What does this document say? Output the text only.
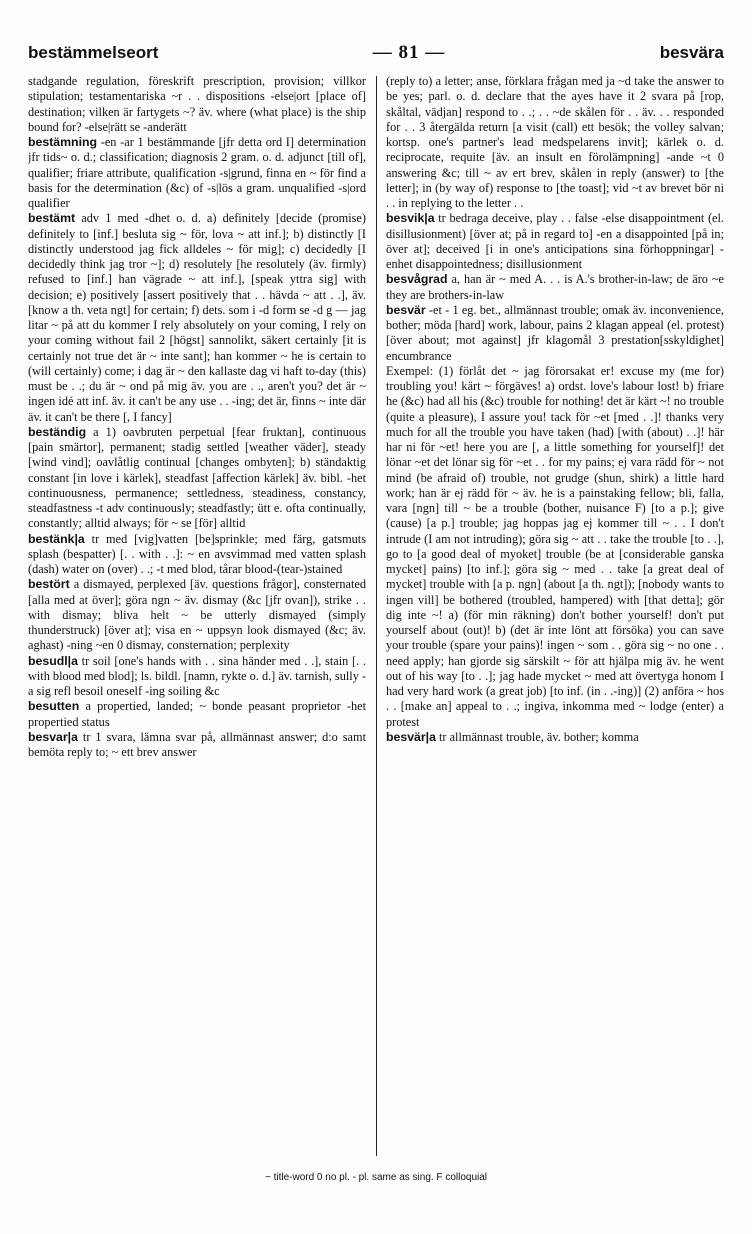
bestämmelseort	— 81 —	besvära

stadgande regulation, föreskrift prescription, provision; villkor stipulation; testamentariska ~r . . dispositions -else|ort [place of] destination; vilken är fartygets ~? äv. where (what place) is the ship bound for? -else|rätt se -anderätt

bestämning -en -ar 1 bestämmande [jfr detta ord I] determination jfr tids~ o. d.; classification; diagnosis 2 gram. o. d. adjunct [till of], qualifier; friare attribute, qualification -s|grund, finna en ~ för find a basis for the determination (&c) of -s|lös a gram. unqualified -s|ord qualifier

bestämt adv 1 med -dhet o. d. a) definitely [decide (promise) definitely to [inf.] besluta sig ~ för, lova ~ att inf.]; b) distinctly [I distinctly understood jag fick alldeles ~ för mig]; c) decidedly [I decidedly think jag tror ~]; d) resolutely [he resolutely (äv. firmly) refused to [inf.] han vägrade ~ att inf.], [speak yttra sig] with decision; e) positively [assert positively that . . hävda ~ att . .], äv. [know a th. veta ngt] for certain; f) dets. som i -d form se -d g — jag litar ~ på att du kommer I rely absolutely on your coming, I rely on your coming without fail 2 [högst] sannolikt, säkert certainly [it is certainly not true det är ~ inte sant]; han kommer ~ he is certain to (will certainly) come; i dag är ~ den kallaste dag vi haft to-day (this) must be . .; du är ~ ond på mig äv. you are . ., aren't you? det är ~ ingen idé att inf. äv. it can't be any use . . -ing; det är, finns ~ inte där äv. it can't be there [, I fancy]

beständig a 1) oavbruten perpetual [fear fruktan], continuous [pain smärtor], permanent; stadig settled [weather väder], steady [wind vind]; oavlåtlig continual [changes ombyten]; b) ständaktig constant [in love i kärlek], steadfast [affection kärlek] äv. bibl. -het continuousness, permanence; settledness, steadiness, constancy, steadfastness -t adv continuously; steadfastly; ütt e. ofta continually, constantly; alltid always; för ~ se [för] alltid

bestänk|a tr med [vig]vatten [be]sprinkle; med färg, gatsmuts splash (bespatter) [. . with . .]: ~ en avsvimmad med vatten splash (dash) water on (over) . .; -t med blod, tårar blood-(tear-)stained

bestört a dismayed, perplexed [äv. questions frågor], consternated [alla med at över]; göra ngn ~ äv. dismay (&c [jfr ovan]), strike . . with dismay; bliva helt ~ be utterly dismayed (simply thunderstruck) [över at]; visa en ~ uppsyn look dismayed (&c; äv. aghast) -ning ~en 0 dismay, consternation; perplexity

besudl|a tr soil [one's hands with . . sina händer med . .], stain [. . with blood med blod]; ls. bildl. [namn, rykte o. d.] äv. tarnish, sully -a sig refl besoil oneself -ing soiling &c

besutten a propertied, landed; ~ bonde peasant proprietor -het propertied status

besvar|a tr 1 svara, lämna svar på, allmännast answer; d:o samt bemöta reply to; ~ ett brev answer

(reply to) a letter; anse, förklara frågan med ja ~d take the answer to be yes; parl. o. d. declare that the ayes have it 2 svara på [rop, skåltal, vädjan] respond to . .; . . ~de skålen för . . äv. . . responded for . . 3 återgälda return [a visit (call) ett besök; the volley salvan; kortsp. one's partner's lead medspelarens invit]; kärlek o. d. reciprocate, requite [äv. an insult en förolämpning] -ande ~t 0 answering &c; till ~ av ert brev, skålen in reply (answer) to [the letter]; in (by way of) response to [the toast]; vid ~t av brevet bör ni . . in replying to the letter . .

besvik|a tr bedraga deceive, play . . false -else disappointment (el. disillusionment) [över at; på in regard to] -en a disappointed [på in; över at]; deceived [i in one's anticipations sina förhoppningar] -enhet disappointedness; disillusionment

besvågrad a, han är ~ med A. . . is A.'s brother-in-law; de äro ~e they are brothers-in-law

besvär -et - 1 eg. bet., allmännast trouble; omak äv. inconvenience, bother; möda [hard] work, labour, pains 2 klagan appeal (el. protest) [över about; mot against] jfr klagomål 3 prestation[sskyldighet] encumbrance

Exempel: (1) förlåt det ~ jag förorsakat er! excuse my (me for) troubling you! kärt ~ förgäves! a) ordst. love's labour lost! b) friare he (&c) had all his (&c) trouble for nothing! det är kärt ~! no trouble (quite a pleasure), I assure you! tack för ~et [med . .]! thanks very much for all the trouble you have taken (had) [with (about) . .]! här har ni för ~et! here you are [, a little something for yourself]! det lönar ~et det lönar sig för ~et . . for my pains; ej vara rädd för ~ not mind (be afraid of) trouble, not grudge (shun, shirk) a little hard work; han är ej rädd för ~ äv. he is a painstaking fellow; bli, falla, vara [ngn] till ~ be a trouble (bother, nuisance F) [to a p.]; give (cause) [a p.] trouble; jag hoppas jag ej kommer till ~ . . I don't intrude (I am not intruding); göra sig ~ att . . take the trouble [to . .], go to [a good deal of myoket] trouble (be at [considerable ganska mycket] pains) [to inf.]; göra sig ~ med . . take [a great deal of mycket] trouble with [a p. ngn] (about [a th. ngt]); [nobody wants to ingen vill] be bothered (troubled, hampered) with [that detta]; gör dig inte ~! a) (för min räkning) don't bother yourself! don't put yourself about (out)! b) (det är inte lönt att försöka) you can save your trouble (spare your pains)! ingen ~ som . . göra sig ~ no one . . need apply; han gjorde sig särskilt ~ för att hjälpa mig äv. he went out of his way [to . .]; jag hade mycket ~ med att övertyga honom I had very hard work (a great job) [to inf. (in . .-ing)] (2) anföra ~ hos . . [make an] appeal to . .; ingiva, inkomma med ~ lodge (enter) a protest

besvär|a tr allmännast trouble, äv. bother; komma

~ title-word 0 no pl. - pl. same as sing. F colloquial
